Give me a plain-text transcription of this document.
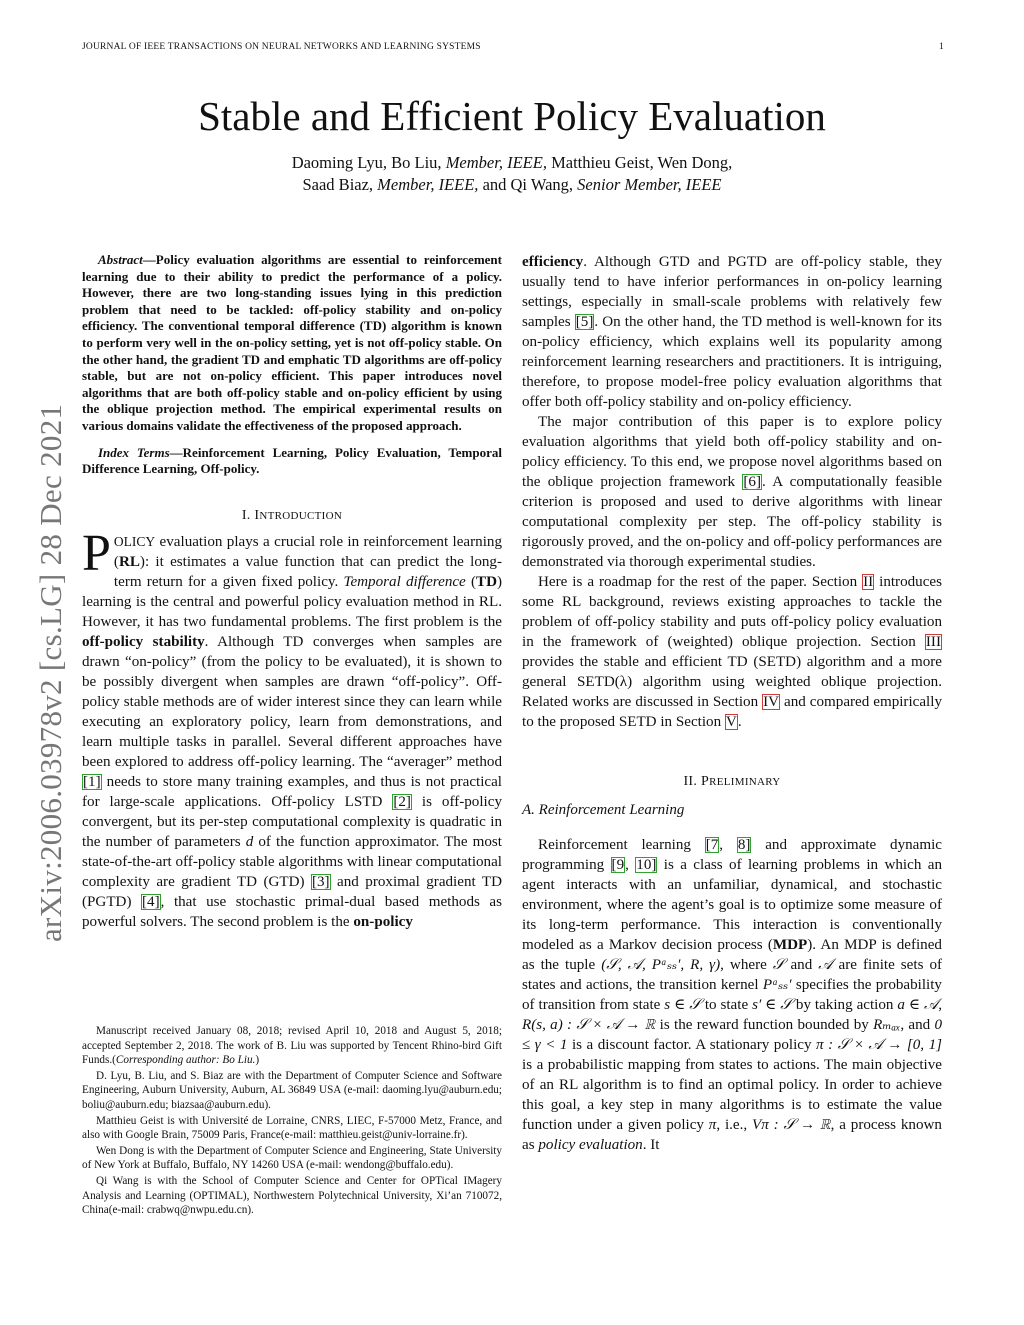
JOURNAL OF IEEE TRANSACTIONS ON NEURAL NETWORKS AND LEARNING SYSTEMS	1
arXiv:2006.03978v2 [cs.LG] 28 Dec 2021
Stable and Efficient Policy Evaluation
Daoming Lyu, Bo Liu, Member, IEEE, Matthieu Geist, Wen Dong,
Saad Biaz, Member, IEEE, and Qi Wang, Senior Member, IEEE

Abstract—Policy evaluation algorithms are essential to reinforcement learning due to their ability to predict the performance of a policy. However, there are two long-standing issues lying in this prediction problem that need to be tackled: off-policy stability and on-policy efficiency. The conventional temporal difference (TD) algorithm is known to perform very well in the on-policy setting, yet is not off-policy stable. On the other hand, the gradient TD and emphatic TD algorithms are off-policy stable, but are not on-policy efficient. This paper introduces novel algorithms that are both off-policy stable and on-policy efficient by using the oblique projection method. The empirical experimental results on various domains validate the effectiveness of the proposed approach.

Index Terms—Reinforcement Learning, Policy Evaluation, Temporal Difference Learning, Off-policy.

I. INTRODUCTION

POLICY evaluation plays a crucial role in reinforcement learning (RL): it estimates a value function that can predict the long-term return for a given fixed policy. Temporal difference (TD) learning is the central and powerful policy evaluation method in RL. However, it has two fundamental problems. The first problem is the off-policy stability. Although TD converges when samples are drawn “on-policy” (from the policy to be evaluated), it is shown to be possibly divergent when samples are drawn “off-policy”. Off-policy stable methods are of wider interest since they can learn while executing an exploratory policy, learn from demonstrations, and learn multiple tasks in parallel. Several different approaches have been explored to address off-policy learning. The “averager” method [1] needs to store many training examples, and thus is not practical for large-scale applications. Off-policy LSTD [2] is off-policy convergent, but its per-step computational complexity is quadratic in the number of parameters d of the function approximator. The most state-of-the-art off-policy stable algorithms with linear computational complexity are gradient TD (GTD) [3] and proximal gradient TD (PGTD) [4], that use stochastic primal-dual based methods as powerful solvers. The second problem is the on-policy

Manuscript received January 08, 2018; revised April 10, 2018 and August 5, 2018; accepted September 2, 2018. The work of B. Liu was supported by Tencent Rhino-bird Gift Funds.(Corresponding author: Bo Liu.)

D. Lyu, B. Liu, and S. Biaz are with the Department of Computer Science and Software Engineering, Auburn University, Auburn, AL 36849 USA (e-mail: daoming.lyu@auburn.edu; boliu@auburn.edu; biazsaa@auburn.edu).

Matthieu Geist is with Université de Lorraine, CNRS, LIEC, F-57000 Metz, France, and also with Google Brain, 75009 Paris, France(e-mail: matthieu.geist@univ-lorraine.fr).

Wen Dong is with the Department of Computer Science and Engineering, State University of New York at Buffalo, Buffalo, NY 14260 USA (e-mail: wendong@buffalo.edu).

Qi Wang is with the School of Computer Science and Center for OPTical IMagery Analysis and Learning (OPTIMAL), Northwestern Polytechnical University, Xi’an 710072, China(e-mail: crabwq@nwpu.edu.cn).

efficiency. Although GTD and PGTD are off-policy stable, they usually tend to have inferior performances in on-policy learning settings, especially in small-scale problems with relatively few samples [5]. On the other hand, the TD method is well-known for its on-policy efficiency, which explains well its popularity among reinforcement learning researchers and practitioners. It is intriguing, therefore, to propose model-free policy evaluation algorithms that offer both off-policy stability and on-policy efficiency.

The major contribution of this paper is to explore policy evaluation algorithms that yield both off-policy stability and on-policy efficiency. To this end, we propose novel algorithms based on the oblique projection framework [6]. A computationally feasible criterion is proposed and used to derive algorithms with linear computational complexity per step. The off-policy stability is rigorously proved, and the on-policy and off-policy performances are demonstrated via thorough experimental studies.

Here is a roadmap for the rest of the paper. Section II introduces some RL background, reviews existing approaches to tackle the problem of off-policy stability and puts off-policy policy evaluation in the framework of (weighted) oblique projection. Section III provides the stable and efficient TD (SETD) algorithm and a more general SETD(λ) algorithm using weighted oblique projection. Related works are discussed in Section IV and compared empirically to the proposed SETD in Section V.

II. PRELIMINARY
A. Reinforcement Learning

Reinforcement learning [7, 8] and approximate dynamic programming [9, 10] is a class of learning problems in which an agent interacts with an unfamiliar, dynamical, and stochastic environment, where the agent’s goal is to optimize some measure of its long-term performance. This interaction is conventionally modeled as a Markov decision process (MDP). An MDP is defined as the tuple (𝒮, 𝒜, Pᵃₛₛ′, R, γ), where 𝒮 and 𝒜 are finite sets of states and actions, the transition kernel Pᵃₛₛ′ specifies the probability of transition from state s ∈ 𝒮 to state s′ ∈ 𝒮 by taking action a ∈ 𝒜, R(s, a) : 𝒮 × 𝒜 → ℝ is the reward function bounded by Rₘₐₓ, and 0 ≤ γ < 1 is a discount factor. A stationary policy π : 𝒮 × 𝒜 → [0, 1] is a probabilistic mapping from states to actions. The main objective of an RL algorithm is to find an optimal policy. In order to achieve this goal, a key step in many algorithms is to estimate the value function under a given policy π, i.e., Vπ : 𝒮 → ℝ, a process known as policy evaluation. It
